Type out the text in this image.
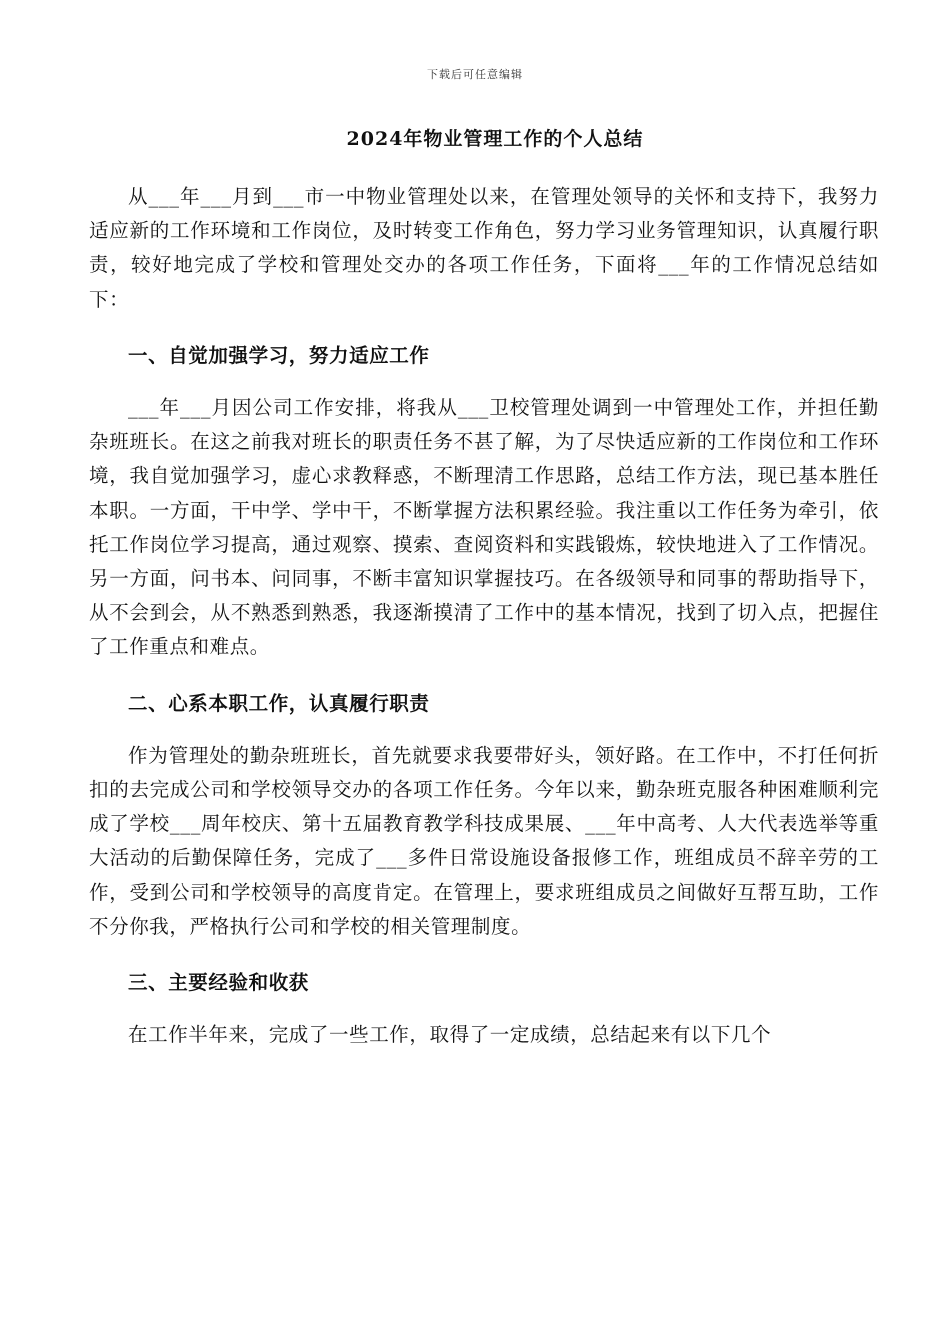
下载后可任意编辑
2024年物业管理工作的个人总结

从___年___月到___市一中物业管理处以来，在管理处领导的关怀和支持下，我努力适应新的工作环境和工作岗位，及时转变工作角色，努力学习业务管理知识，认真履行职责，较好地完成了学校和管理处交办的各项工作任务，下面将___年的工作情况总结如下：

一、自觉加强学习，努力适应工作

___年___月因公司工作安排，将我从___卫校管理处调到一中管理处工作，并担任勤杂班班长。在这之前我对班长的职责任务不甚了解，为了尽快适应新的工作岗位和工作环境，我自觉加强学习，虚心求教释惑，不断理清工作思路，总结工作方法，现已基本胜任本职。一方面，干中学、学中干，不断掌握方法积累经验。我注重以工作任务为牵引，依托工作岗位学习提高，通过观察、摸索、查阅资料和实践锻炼，较快地进入了工作情况。另一方面，问书本、问同事，不断丰富知识掌握技巧。在各级领导和同事的帮助指导下，从不会到会，从不熟悉到熟悉，我逐渐摸清了工作中的基本情况，找到了切入点，把握住了工作重点和难点。

二、心系本职工作，认真履行职责

作为管理处的勤杂班班长，首先就要求我要带好头，领好路。在工作中，不打任何折扣的去完成公司和学校领导交办的各项工作任务。今年以来，勤杂班克服各种困难顺利完成了学校___周年校庆、第十五届教育教学科技成果展、___年中高考、人大代表选举等重大活动的后勤保障任务，完成了___多件日常设施设备报修工作，班组成员不辞辛劳的工作，受到公司和学校领导的高度肯定。在管理上，要求班组成员之间做好互帮互助，工作不分你我，严格执行公司和学校的相关管理制度。

三、主要经验和收获

在工作半年来，完成了一些工作，取得了一定成绩，总结起来有以下几个
